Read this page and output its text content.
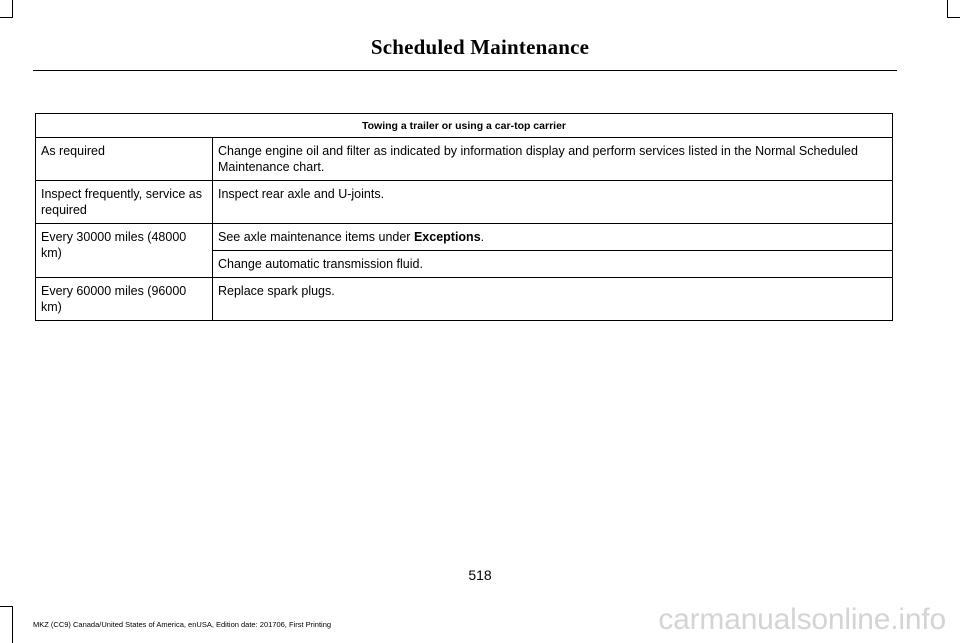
Scheduled Maintenance
Towing a trailer or using a car-top carrier	
As required	Change engine oil and filter as indicated by information display and perform services listed in the Normal Scheduled Maintenance chart.
Inspect frequently, service as required	Inspect rear axle and U-joints.
Every 30000 miles (48000 km)	See axle maintenance items under Exceptions.
	Change automatic transmission fluid.
Every 60000 miles (96000 km)	Replace spark plugs.
518
MKZ (CC9) Canada/United States of America, enUSA, Edition date: 201706, First Printing	carmanualsonline.info
